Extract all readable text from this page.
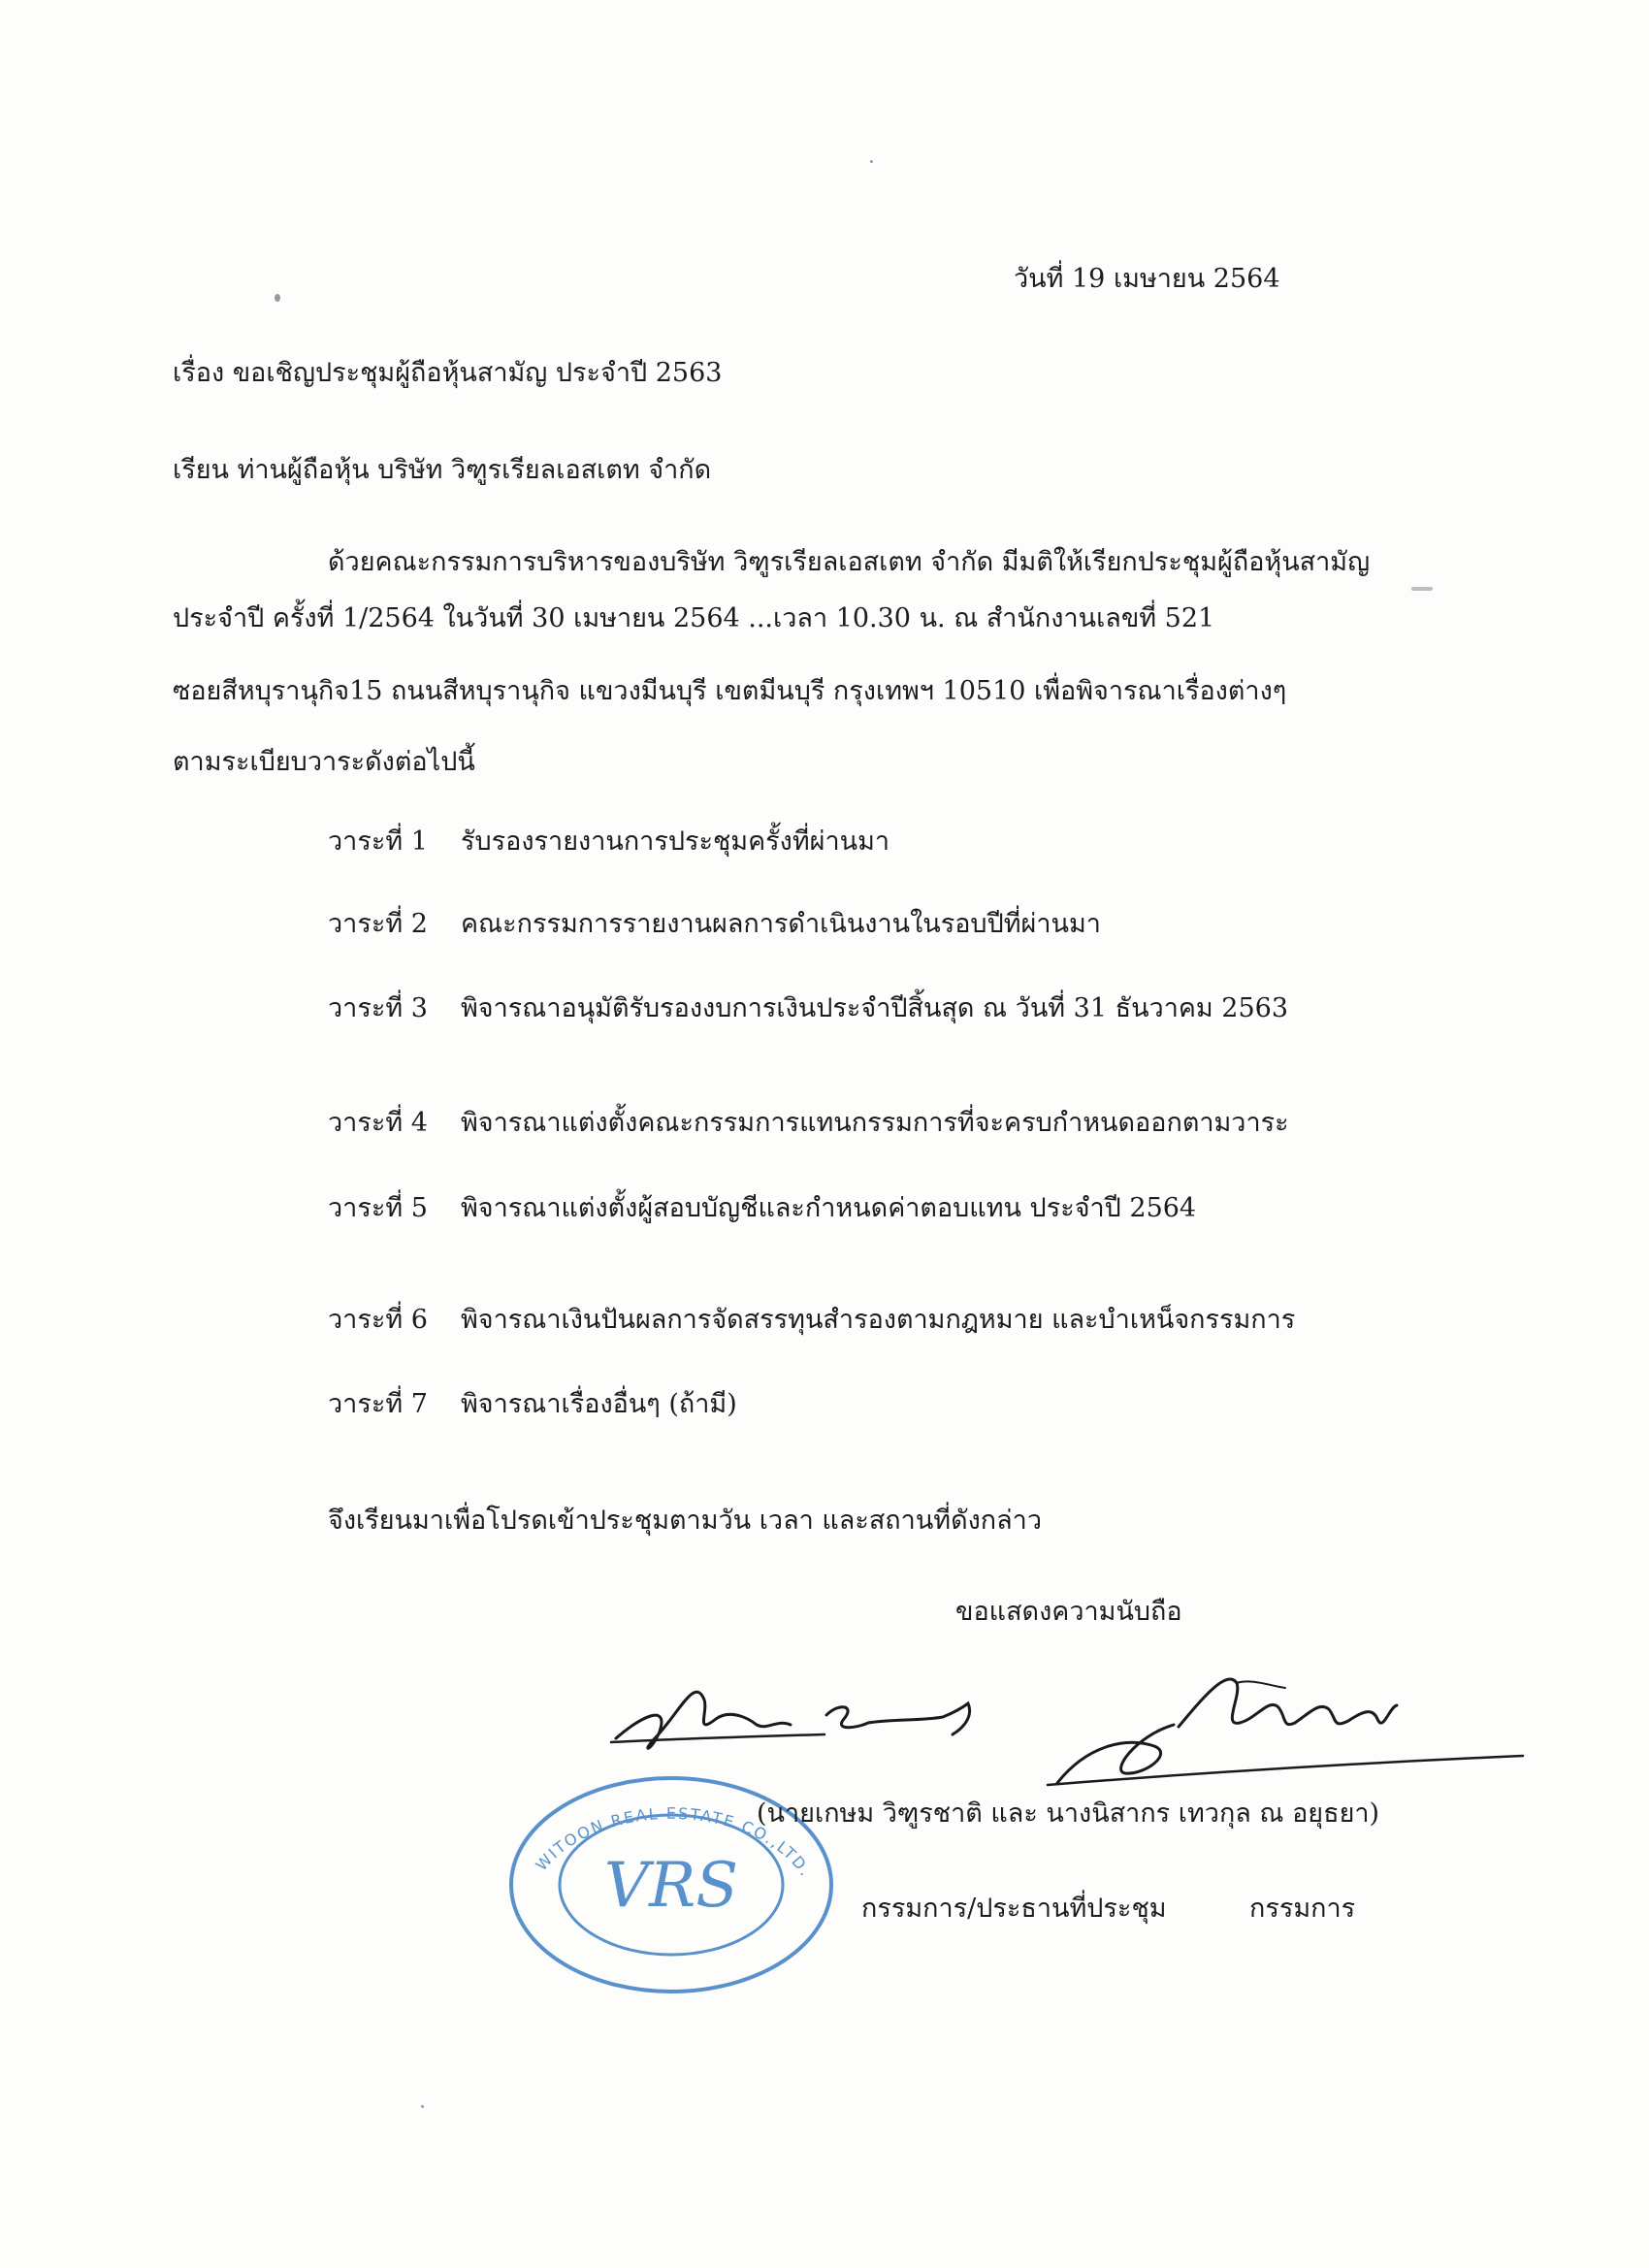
วันที่ 19 เมษายน 2564
เรื่อง ขอเชิญประชุมผู้ถือหุ้นสามัญ ประจำปี 2563
เรียน ท่านผู้ถือหุ้น บริษัท วิฑูรเรียลเอสเตท จำกัด
ด้วยคณะกรรมการบริหารของบริษัท วิฑูรเรียลเอสเตท จำกัด มีมติให้เรียกประชุมผู้ถือหุ้นสามัญ
ประจำปี ครั้งที่ 1/2564 ในวันที่ 30 เมษายน 2564 ...เวลา 10.30 น. ณ สำนักงานเลขที่ 521
ซอยสีหบุรานุกิจ15 ถนนสีหบุรานุกิจ แขวงมีนบุรี เขตมีนบุรี กรุงเทพฯ 10510 เพื่อพิจารณาเรื่องต่างๆ
ตามระเบียบวาระดังต่อไปนี้
วาระที่ 1 รับรองรายงานการประชุมครั้งที่ผ่านมา
วาระที่ 2 คณะกรรมการรายงานผลการดำเนินงานในรอบปีที่ผ่านมา
วาระที่ 3 พิจารณาอนุมัติรับรองงบการเงินประจำปีสิ้นสุด ณ วันที่ 31 ธันวาคม 2563
วาระที่ 4 พิจารณาแต่งตั้งคณะกรรมการแทนกรรมการที่จะครบกำหนดออกตามวาระ
วาระที่ 5 พิจารณาแต่งตั้งผู้สอบบัญชีและกำหนดค่าตอบแทน ประจำปี 2564
วาระที่ 6 พิจารณาเงินปันผลการจัดสรรทุนสำรองตามกฎหมาย และบำเหน็จกรรมการ
วาระที่ 7 พิจารณาเรื่องอื่นๆ (ถ้ามี)
จึงเรียนมาเพื่อโปรดเข้าประชุมตามวัน เวลา และสถานที่ดังกล่าว
ขอแสดงความนับถือ
WITOON REAL ESTATE CO.,LTD.
VRS
(นายเกษม วิฑูรชาติ และ นางนิสากร เทวกุล ณ อยุธยา)
กรรมการ/ประธานที่ประชุม	กรรมการ
